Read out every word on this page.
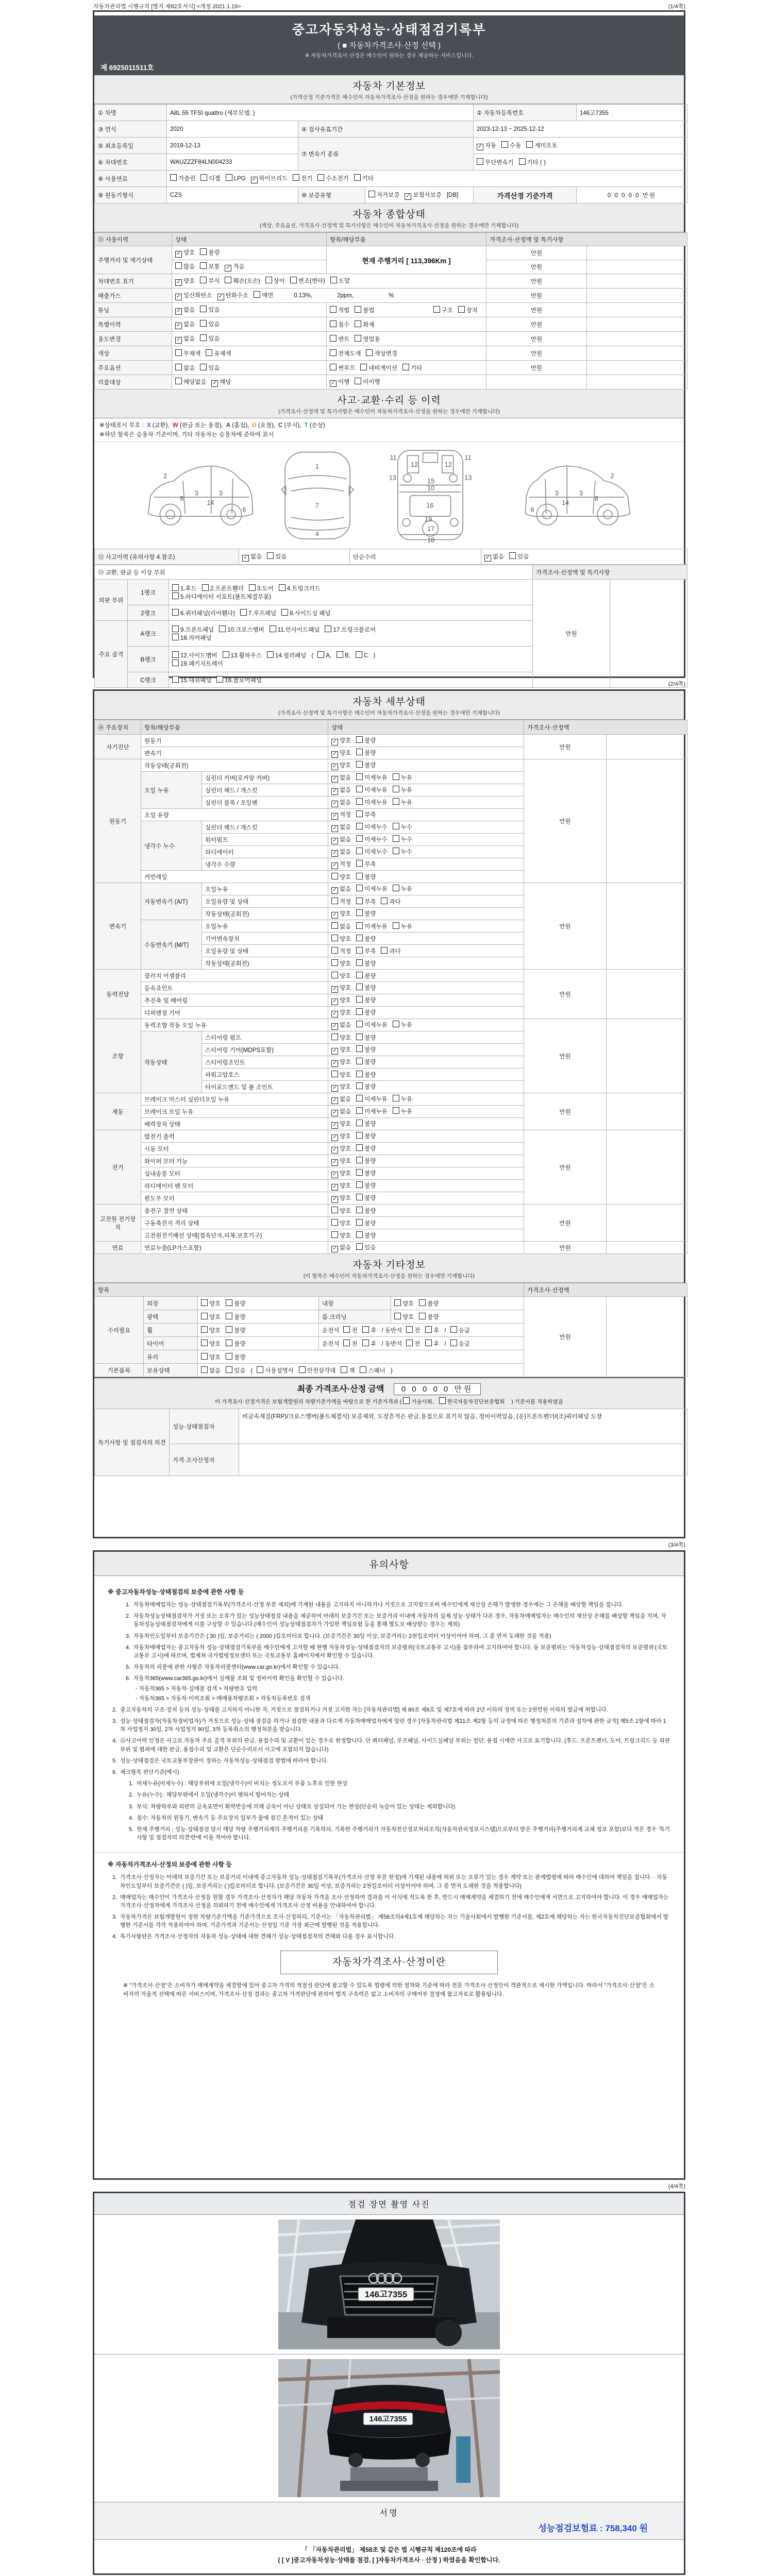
자동차관리법 시행규칙 [별지 제82호서식] <개정 2021.1.19>	(1/4쪽)
(2/4쪽)
(3/4쪽)
(4/4쪽)
중고자동차성능·상태점검기록부
( ■ 자동차가격조사·산정 선택 )
※ 자동차가격조사·산정은 매수인이 원하는 경우 제공하는 서비스입니다.
제 6925011511호
자동차 기본정보
(가격산정 기준가격은 매수인이 자동차가격조사·산정을 원하는 경우에만 기재합니다)
① 차명	A8L 55 TFSI quattro (세부모델: )			② 자동차등록번호	146고7355
③ 연식	2020	④ 검사유효기간		2023-12-13 ~ 2025-12-12	
⑤ 최초등록일	2019-12-13	⑦ 변속기 종류		✓ 자동 수동 세미오토	
⑥ 차대번호	WAUZZZF84LN004233			무단변속기 기타 ( )	
⑧ 사용연료	가솔린 디젤 LPG ✓ 하이브리드 전기 수소전기 기타				
⑨ 원동기형식	CZS	⑩ 보증유형	자가보증 ✓ 보험사보증 [DB]	가격산정 기준가격	0 0 0 0 0 만원
자동차 종합상태
(색상, 주요옵션, 가격조사·산정액 및 특기사항은 매수인이 자동차가격조사·산정을 원하는 경우에만 기재합니다)
⑪ 사용이력	상태	항목/해당부품	가격조사·산정액 및 특기사항	
주행거리 및 계기상태	✓ 양호 불량	현재 주행거리 [ 113,396Km ]	만원	
	많음 보통 ✓ 적음		만원	
차대번호 표기	✓ 양호 부식 훼손(오손) 상이 변조(변타) 도말		만원	
배출가스	✓ 일산화탄소 ✓ 탄화수소 매연 0.13%, 2ppm, %		만원	
튜닝	✓ 없음 있음	적법 불법 구조 장치	만원	
특별이력	✓ 없음 있음	침수 화재	만원	
용도변경	✓ 없음 있음	렌트 영업용	만원	
색상	무채색 유채색	전체도색 색상변경	만원	
주요옵션	없음 있음	썬루프 네비게이션 기타	만원	
리콜대상	해당없음 ✓ 해당	✓ 이행 미이행		
사고·교환·수리 등 이력
(가격조사·산정액 및 특기사항은 매수인이 자동차가격조사·산정을 원하는 경우에만 기재합니다)
※상태표시 부호 : X (교환), W (판금 또는 용접), A (흠집), U (요철), C (부식), T (손상)
※하단 항목은 승용차 기준이며, 기타 자동차는 승용차에 준하여 표시
2
8
3	3
14
6
1
7
4
11	11
12	12
13	13
10
15
16
19
17
18
2
8
3
3
14
6
⑫ 사고이력 (유의사항 4.참조)	✓ 없음 있음	단순수리	✓ 없음 있음
⑬ 교환, 판금 등 이상 부위			가격조사·산정액 및 특기사항	
외판 부위	1랭크	1.후드 2.프론트휀더 3.도어 4.트렁크리드
5.라디에이터 서포트(볼트체결부품)	만원	
	2랭크	6.쿼터패널(리어휀다) 7.루프패널 8.사이드실 패널		
주요 골격	A랭크	9.프론트패널 10.크로스멤버 11.인사이드패널 17.트렁크플로어
18.리어패널		
	B랭크	12.사이드멤버 13.휠하우스 14.필러패널 ( A, B, C )
19.패키지트레이		
	C랭크	15.대쉬패널 16.플로어패널		
자동차 세부상태
(가격조사·산정액 및 특기사항은 매수인이 자동차가격조사·산정을 원하는 경우에만 기재합니다)
⑭ 주요장치	항목/해당부품		상태	가격조사·산정액	
자기진단	원동기		✓ 양호 불량	만원	
	변속기		✓ 양호 불량		
원동기	작동상태(공회전)		✓ 양호 불량	만원	
	오일 누유	실린더 커버(로커암 커버)	✓ 없음 미세누유 누유		
		실린더 헤드 / 개스킷	✓ 없음 미세누유 누유		
		실린더 블록 / 오일팬	✓ 없음 미세누유 누유		
	오일 유량		✓ 적정 부족		
	냉각수 누수	실린더 헤드 / 개스킷	✓ 없음 미세누수 누수		
		워터펌프	✓ 없음 미세누수 누수		
		라디에이터	✓ 없음 미세누수 누수		
		냉각수 수량	✓ 적정 부족		
	커먼레일		양호 불량		
변속기	자동변속기 (A/T)	오일누유	✓ 없음 미세누유 누유	만원	
		오일유량 및 상태	적정 부족 과다		
		작동상태(공회전)	✓ 양호 불량		
	수동변속기 (M/T)	오일누유	없음 미세누유 누유		
		기어변속장치	양호 불량		
		오일유량 및 상태	적정 부족 과다		
		작동상태(공회전)	양호 불량		
동력전달	클러치 어셈블리		양호 불량	만원	
	등속죠인트		✓ 양호 불량		
	추진축 및 베어링		✓ 양호 불량		
	디퍼렌셜 기어		✓ 양호 불량		
조향	동력조향 작동 오일 누유		✓ 없음 미세누유 누유	만원	
	작동상태	스티어링 펌프	양호 불량		
		스티어링 기어(MDPS포함)	✓ 양호 불량		
		스티어링조인트	✓ 양호 불량		
		파워고압호스	양호 불량		
		타이로드엔드 및 볼 조인트	✓ 양호 불량		
제동	브레이크 마스터 실린더오일 누유		✓ 없음 미세누유 누유	만원	
	브레이크 오일 누유		✓ 없음 미세누유 누유		
	배력장치 상태		✓ 양호 불량		
전기	발전기 출력		✓ 양호 불량	만원	
	시동 모터		✓ 양호 불량		
	와이퍼 모터 기능		✓ 양호 불량		
	실내송풍 모터		✓ 양호 불량		
	라디에이터 팬 모터		✓ 양호 불량		
	윈도우 모터		✓ 양호 불량		
고전원 전기장치	충전구 절연 상태		양호 불량	만원	
	구동축전지 격리 상태		양호 불량		
	고전원전기배선 상태(접속단자,피복,보호기구)		양호 불량		
연료	연료누출(LP가스포함)		✓ 없음 있음	만원	
자동차 기타정보
(이 항목은 매수인이 자동차가격조사·산정을 원하는 경우에만 기재합니다)
항목					가격조사·산정액	
수리필요	외장	양호 불량	내장	양호 불량	만원	
	광택	양호 불량	룸 크리닝	양호 불량		
	휠	양호 불량	운전석 전 후 / 동반석 전 후 / 응급			
	타이어	양호 불량	운전석 전 후 / 동반석 전 후 / 응급			
	유리	양호 불량				
기본품목	보유상태	없음 있음 ( 사용설명서 안전삼각대 잭 스패너 )				
최종 가격조사·산정 금액 0 0 0 0 0 만원
이 가격조사·산정가격은 보험개발원의 차량기준가액을 바탕으로 한 기준가격과 ( 기술사회, 한국자동차진단보증협회 ) 기준서를 적용하였음
특기사항 및 점검자의 의견	성능·상태점검자	비금속재질(FRP)/크로스멤버(볼트체결식) 보증제외, 도장흔적은 판금,용접으로 표기치 않음, 정비이력있음, (운)프론트펜더/(조)쿼터패널 도장
	가격·조사산정자	
유의사항
※ 중고자동차성능·상태점검의 보증에 관한 사항 등
1. 자동차매매업자는 성능·상태점검기록부(가격조사·산정 부분 제외)에 기재된 내용을 고지하지 아니하거나 거짓으로 고지함으로써 매수인에게 재산상 손해가 발생한 경우에는 그 손해를 배상할 책임을 집니다.
2. 자동차성능상태점검자가 거짓 또는 오류가 있는 성능상태점검 내용을 제공하여 아래의 보증기간 또는 보증거리 이내에 자동차의 실제 성능·상태가 다른 경우, 자동차매매업자는 매수인의 재산상 손해를 배상할 책임을 지며, 자동차성능상태점검자에게 이를 구상할 수 있습니다.(매수인이 성능상태점검자가 가입한 책임보험 등을 통해 별도로 배상받는 경우는 제외)
3. 자동차인도일부터 보증기간은 ( 30 )일, 보증거리는 ( 2000 )킬로미터로 합니다. (보증기간은 30일 이상, 보증거리는 2천킬로미터 이상이어야 하며, 그 중 먼저 도래한 것을 적용)
4. 자동차매매업자는 중고자동차 성능·상태점검기록부를 매수인에게 고지할 때 현행 자동차성능·상태점검자의 보증범위(국토교통부 고시)를 첨부하여 고지하여야 합니다. 동 보증범위는 '자동차성능·상태점검자의 보증범위'(국토교통부 고시)에 따르며, 법제처 국가법령정보센터 또는 국토교통부 홈페이지에서 확인할 수 있습니다.
5. 자동차의 리콜에 관한 사항은 자동차리콜센터(www.car.go.kr)에서 확인할 수 있습니다.
6. 자동차365(www.car365.go.kr)에서 실매물 조회 및 정비이력 확인을 확인할 수 있습니다.
- 자동차365 > 자동차·실매물 검색 > 차량번호 입력
- 자동차365 > 자동차·이력조회 > 매매용차량조회 > 자동차등록번호 검색
2. 중고자동차의 구조·장치 등의 성능·상태를 고지하지 아니한 자, 거짓으로 점검하거나 거짓 고지한 자는 [자동차관리법] 제 80조 제6호 및 제7호에 따라 2년 이하의 징역 또는 2천만원 이하의 벌금에 처합니다.
3. 성능·상태점검자(자동차정비업자)가 거짓으로 성능·상태 점검을 하거나 점검한 내용과 다르게 자동차매매업자에게 알린 경우 [자동차관리법 제21조 제2항 등의 규정에 따른 행정처분의 기준과 절차에 관한 규칙] 제5조 1항에 따라 1차 사업정지 30일, 2차 사업정지 90일, 3차 등록취소의 행정처분을 받습니다.
4. ⑫사고이력 인정은 사고로 자동차 주요 골격 부위의 판금, 용접수리 및 교환이 있는 경우로 한정합니다. 단 쿼터패널, 루프패널, 사이드실패널 부위는 절단, 용접 시에만 사고로 표기합니다. (후드, 프론트펜더, 도어, 트렁크리드 등 외판 부위 및 범퍼에 대한 판금, 용접수리 및 교환은 단순수리로서 사고에 포함되지 않습니다)
5. 성능·상태점검은 국토교통부장관이 정하는 자동차성능·상태점검 방법에 따라야 합니다.
6. 체크항목 판단기준(예시)
1. 미세누유(미세누수) : 해당부위에 오일(냉각수)이 비치는 정도로서 부품 노후로 인한 현상
2. 누유(누수) : 해당부위에서 오일(냉각수)이 맺혀서 떨어지는 상태
3. 부식: 차량하부와 외판의 금속표면이 화학반응에 의해 금속이 아닌 상태로 상실되어 가는 현상(단순히 녹슬어 있는 상태는 제외합니다)
4. 침수: 자동차의 원동기, 변속기 등 주요장치 일부가 물에 잠긴 흔적이 있는 상태
5. 현재 주행거리 : 성능·상태점검 당시 해당 차량 주행거리계의 주행거리를 기록하되, 기록한 주행거리가 자동차전산정보처리조직(자동차관리정보시스템)으로부터 받은 주행거리(주행거리계 교체 정보 포함)보다 적은 경우 '특기사항 및 점검자의 의견'란에 이를 적어야 합니다.
※ 자동차가격조사·산정의 보증에 관한 사항 등
1. 가격조사·산정자는 아래의 보증기간 또는 보증거리 이내에 중고자동차 성능·상태점검기록부(가격조사·산정 부분 한정)에 기재된 내용에 허위 또는 오류가 있는 경우 계약 또는 관계법령에 따라 매수인에 대하여 책임을 집니다. · 자동차인도일부터 보증기간은 ( )일, 보증거리는 ( )킬로미터로 합니다. (보증기간은 30일 이상, 보증거리는 2천킬로미터 이상이어야 하며, 그 중 먼저 도래한 것을 적용합니다)
2. 매매업자는 매수인이 가격조사·산정을 원할 경우 가격조사·산정자가 해당 자동차 가격을 조사·산정하여 결과를 이 서식에 적도록 한 후, 반드시 매매계약을 체결하기 전에 매수인에게 서면으로 고지하여야 합니다. 이 경우 매매업자는 가격조사·산정자에게 가격조사·산정을 의뢰하기 전에 매수인에게 가격조사·산정 비용을 안내하여야 합니다.
3. 자동차가격은 보험개발원이 정한 차량기준가액을 기준가격으로 조사·산정하되, 기준서는 「자동차관리법」 제58조의4제1호에 해당하는 자는 기술사회에서 발행한 기준서를, 제2호에 해당하는 자는 한국자동차진단보증협회에서 발행한 기준서를 각각 적용하여야 하며, 기준가격과 기준서는 산정일 기준 가장 최근에 발행된 것을 적용합니다.
4. 특기사항란은 가격조사·산정자의 자동차 성능·상태에 대한 견해가 성능·상태점검자의 견해와 다를 경우 표시합니다.
자동차가격조사·산정이란
※ "가격조사·산정"은 소비자가 매매계약을 체결함에 있어 중고차 가격의 적절성 판단에 참고할 수 있도록 법령에 의한 절차와 기준에 따라 전문 가격조사·산정인이 객관적으로 제시한 가액입니다. 따라서 "가격조사·산정"은 소비자의 자율적 선택에 따른 서비스이며, 가격조사·산정 결과는 중고차 가격판단에 관하여 법적 구속력은 없고 소비자의 구매여부 결정에 참고자료로 활용됩니다.
점검 장면 촬영 사진
146고7355
146고7355
서명
성능점검보험료 : 758,340 원
「 「자동차관리법」 제58조 및 같은 법 시행규칙 제120조에 따라
( [ V ]중고자동차성능·상태를 점검, [ ]자동차가격조사 · 산정 ) 하였음을 확인합니다.
